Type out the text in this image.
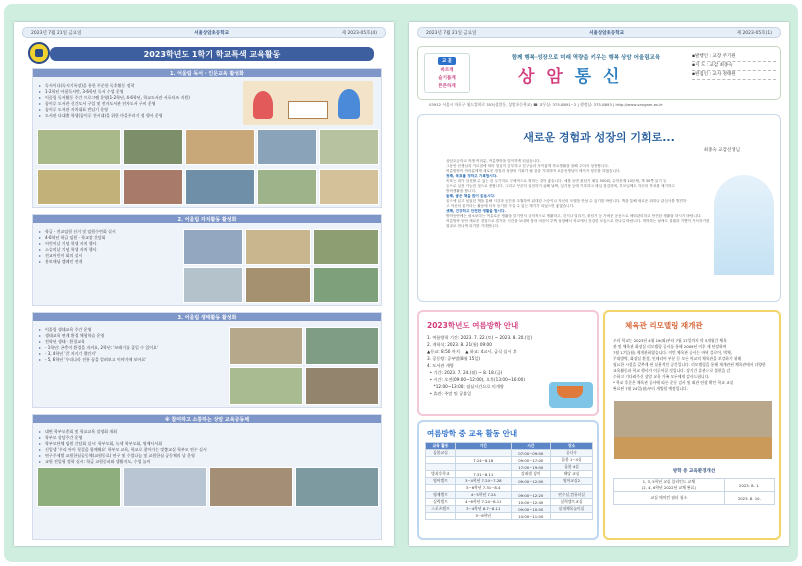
2023년 7월 21일 금요일	서울상암초등학교	제 2023-05호(4)
2023학년도 1학기 학교특색 교육활동
1. 어울림 독서 · 인문교육 활성화
▸ 독서이다(독서기록장)을 통한 꾸준한 독후활동 정착
▸ 1-2학년 아침독서반, 3-6학년 독서 수업 운영
▸ 이끌림 독서활동 주간 프로그램 운영(1-2학년, 4-6학년, 학교도서관 서포터즈 지원)
▸ 꿈이루 도서관 신간도서 구입 및 전자도서관 전자도서 구비 운영
▸ 꿈이루 도서관 자치대표 반납기 운영
▸ 도서관 다대출 학생(꿈이루 전시대)을 위한 마을꾸러기 정 행사 운영
2. 어울림 자치활동 활성화
▸ 학급 · 전교임원 선거 및 임원수련회 실시
▸ 4-6학년 학급 임원 · 학교장 간담회
▸ 어린이날 기념 학생 자치 행사
▸ 스승의날 기념 학생 자치 행사
▸ 전교어린이 회의 실시
▸ 홍보애닝 캠페인 전개
3. 어울림 생태활동 활성화
▸ 어울림 생태교육 주간 운영
▸ 생태교육 연계 환경 체험학습 운영
▸ 전학년 생태 · 환경교육
▸ - 1학년: 곤충이 환경을 지켜요, 2학년: '쓰레기를 줄일 수 있어요'
▸ - 3, 4학년 '갈 지키기 챌린지'
▸ - 5, 6학년 '우리나라 전통 꿈을 알려보고 이야기에 보아요'
※ 참여하고 소통하는 상암 교육공동체
▸ 대면 학부모총회 및 학교교육 설명회 개최
▸ 학부모 상담주간 운영
▸ 학부모단체 임원 간담회 실시: 학부모회, 녹색 학부모회, 명예사서회
▸ 신입생 '우리 아이 첫걸음 함께해요' 학부모 교육, 학교로 찾아가는 맞춤교실 학부모 연수 실시
▸ 연구주제별 교원한심공동체(교원동료) 연구 및 수업나눔 및 교원한심 공동체의 날 운영
▸ 교원 전입형 정학 실시: 학급 교원중퍼와 생활지도, 수업 놀이
2023년 7월 21일 금요일	서울상암초등학교	제 2023-05호(1)
교 훈
바르게
슬기롭게
튼튼하게
함께 행복·성장으로 미래 역량을 키우는 행복 상암 어울림교육
상 암 통 신
▪발행인 : 교장 주기원
▪지 도 : 교감 최종숙
▪편집인 : 교사 정태원
03912 서울시 마포구 월드컵북로 353(상암동, 상암초등학교) ☎ 교무실: 375-8891~2 | 행정실: 375-8893 | http://www.sangam.es.kr
새로운 경험과 성장의 기회로...
최종숙 교감선생님

상암초등학교 학생 여러분, 여름방학을 맞이하게 되었습니다.

그동안 선생님의 가르침에 따라 열심히 공부하고 친구들과 사이좋게 학교생활을 잘해 주어서 칭찬합니다.

여름방학이 여러분에게 새로운 경험과 성장의 기회가 될 것을 기대하며 교감선생님이 세가지 당부를 하겠습니다.

첫째, 목표를 정하고 기록합시다.

목표는 내가 실천할 수 있는 한 두가지로 구체적으로 정하는 것이 좋습니다. 예를 들면 줄넘기 매일 500회, 수학문제 10문제, 책 30쪽 읽기 등

등으로 실천 가능한 것으로 정합니다. 그리고 꾸준히 실천하기 위해 날짜, 일기장 등에 기록하고 매일 점검하며, 부모님께도 자신의 목표를 얘기하고

방학생활을 합니다.

둘째, 좋은 책을 많이 읽읍시다.

꿈으에 읽고 싶었던 책을 통해 시간과 공간을 초월하여 위대한 스승이나 자신의 모델을 만날 수 있기를 바랍니다. 책을 통해 새로운 취미나 관심사를 발견하

고 자신의 꿈이라는 활동에 더욱 동기를 가질 수 있는 계기가 되었으면 좋겠습니다.

셋째, 건강하고 안전한 생활을 합시다.

방학동안에는 평소보다는 여유로운 생활을 즐기면서 규칙적으로 생활하고, 걷기나 달리기, 줄넘기 등 가벼운 운동으로 체력관리하고 안전한 생활을 하시기 바랍니다.

여름방학 동안 새로운 경험으로 즐거운 시간을 보내며 몸과 마음이 부쩍 성장해서 학교에서 건강한 모습으로 만나길 바랍니다. 개학하는 날에도 설렘과 기쁨이 가득하기를

열골로 만나게 되기를 기대합니다.

2023학년도 여름방학 안내

1. 여름방학 기간: 2023. 7. 22.(토) ~ 2023. 8. 20.(일)

2. 개학식: 2023. 8. 21(월) 09:00

▲등교: 8:50 까지    ▲ 하교: 4교시, 급식 실시 후

3. 공동탕: 공부밤(8월 15일)

4. 도서관 개방

• 기간: 2023. 7. 24.(월) ~ 8. 18.(금)

• 시간: 오전(09:00~12:00), 오후(13:00~16:00)

*12:00~13:00: 점심시간으로 미개방

• 휴관: 주말 및 공휴일

여름방학 중 교육 활동 안내
교육 활동	기간	시간	장소
돌봄교실		07:00~09:00	공다우
	7.24~8.18	09:00~17:00	돌봄 1~4실
		17:00~19:00	돌봄 4실
방과후학교	7.31~8.11	강좌별 상이	해당 교실
영어캠프	3~4학년 7.24~7.28	09:00~12:00	영어교실2
	5~6학년 7.31~8.4		
영재캠프	4~5학년 7.24	09:00~12:20	연수실,컴퓨터실
실력캠프	4~6학년 7.24~8.11	10:00~12:40	실력캠프교실
스포츠캠프	3~4학년 8.7~8.11	09:00~10:00	실내체육놀이실
	5~6학년	10:00~11:00	
체육관 리모델링 재개관

우리 학교는 2023년 4월 19(외)부터 7월 17일까지 약 3개월간 체육

관 및 체육관 화장실 리모델링 공사를 통해 2009년 이후 새 단장하여

7월 17일(월) 재개관하였습니다. 이번 체육관 공사는 바닥 플로어, 벽체,

무대방벽, 화장실 환경, 인테리어 부분 등 모든 학교의 체육관을 보강하기 위해

필요한 시설을 갖추게 된 실용적인 공간입니다. 리모델링을 통해 재개관된 체육관에서 다양한

교육활동과 학교 행사가 이루어질 것입니다. 장기간 휴관으로 불편을 감

수하고 기다려주신 상암 교육 가족 모두에게 감사드립니다.

* 학교 후문은 체육관 공사에 따른 운동 검사 및 외관 단장 확인 학교 교실

완료된 7월 24일(월)부터 개방될 예정입니다.

방학 중 교육환경개선
1, 3, 5학년 교실 블라인드 교체
(2, 4, 6학년 2022년 교체 완료)	2023. 8. 1.
교실 에어컨 필터 청소	2023. 8. 10.
